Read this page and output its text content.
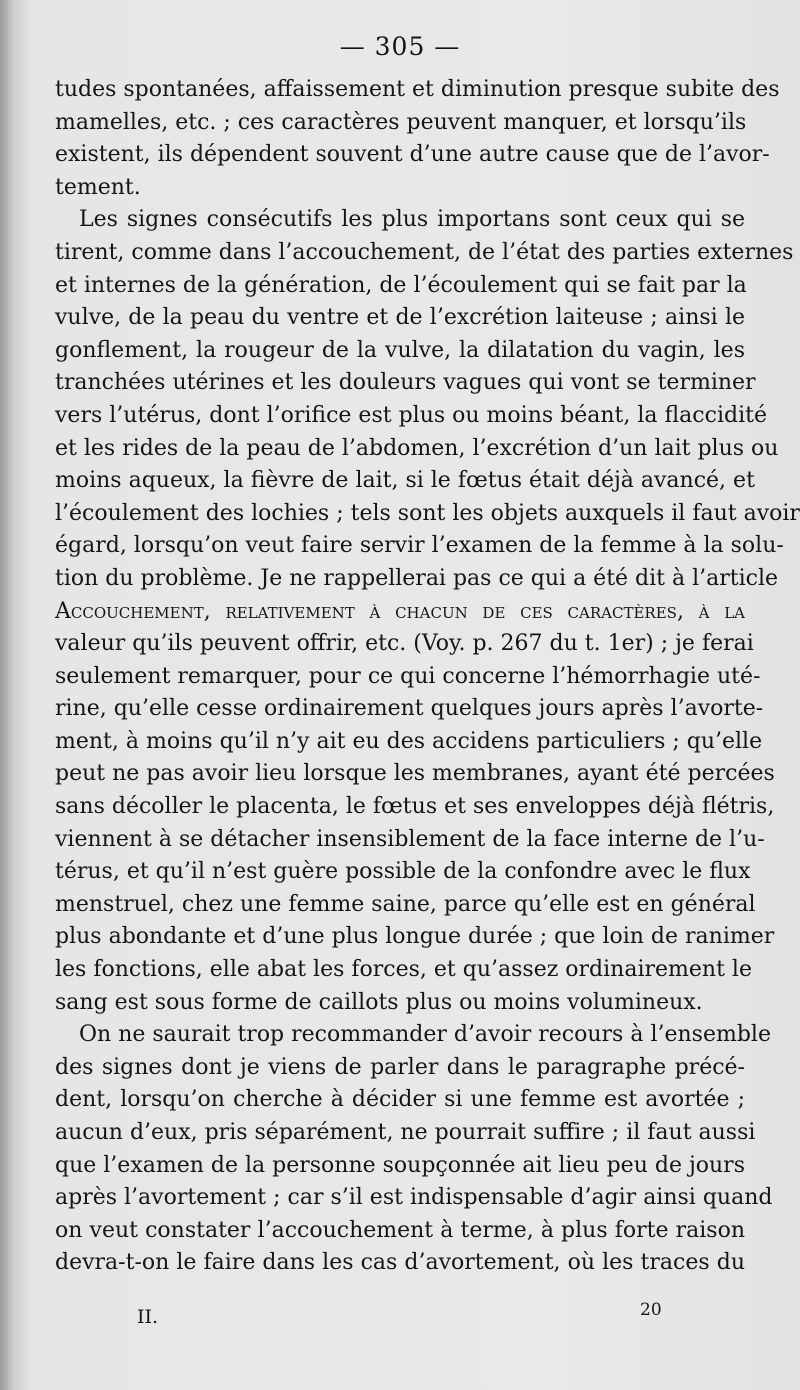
— 305 —
tudes spontanées, affaissement et diminution presque subite des
mamelles, etc. ; ces caractères peuvent manquer, et lorsqu’ils
existent, ils dépendent souvent d’une autre cause que de l’avor-
tement.
Les signes consécutifs les plus importans sont ceux qui se
tirent, comme dans l’accouchement, de l’état des parties externes
et internes de la génération, de l’écoulement qui se fait par la
vulve, de la peau du ventre et de l’excrétion laiteuse ; ainsi le
gonflement, la rougeur de la vulve, la dilatation du vagin, les
tranchées utérines et les douleurs vagues qui vont se terminer
vers l’utérus, dont l’orifice est plus ou moins béant, la flaccidité
et les rides de la peau de l’abdomen, l’excrétion d’un lait plus ou
moins aqueux, la fièvre de lait, si le fœtus était déjà avancé, et
l’écoulement des lochies ; tels sont les objets auxquels il faut avoir
égard, lorsqu’on veut faire servir l’examen de la femme à la solu-
tion du problème. Je ne rappellerai pas ce qui a été dit à l’article
Accouchement, relativement à chacun de ces caractères, à la
valeur qu’ils peuvent offrir, etc. (Voy. p. 267 du t. 1er) ; je ferai
seulement remarquer, pour ce qui concerne l’hémorrhagie uté-
rine, qu’elle cesse ordinairement quelques jours après l’avorte-
ment, à moins qu’il n’y ait eu des accidens particuliers ; qu’elle
peut ne pas avoir lieu lorsque les membranes, ayant été percées
sans décoller le placenta, le fœtus et ses enveloppes déjà flétris,
viennent à se détacher insensiblement de la face interne de l’u-
térus, et qu’il n’est guère possible de la confondre avec le flux
menstruel, chez une femme saine, parce qu’elle est en général
plus abondante et d’une plus longue durée ; que loin de ranimer
les fonctions, elle abat les forces, et qu’assez ordinairement le
sang est sous forme de caillots plus ou moins volumineux.
On ne saurait trop recommander d’avoir recours à l’ensemble
des signes dont je viens de parler dans le paragraphe précé-
dent, lorsqu’on cherche à décider si une femme est avortée ;
aucun d’eux, pris séparément, ne pourrait suffire ; il faut aussi
que l’examen de la personne soupçonnée ait lieu peu de jours
après l’avortement ; car s’il est indispensable d’agir ainsi quand
on veut constater l’accouchement à terme, à plus forte raison
devra-t-on le faire dans les cas d’avortement, où les traces du
II.	20
